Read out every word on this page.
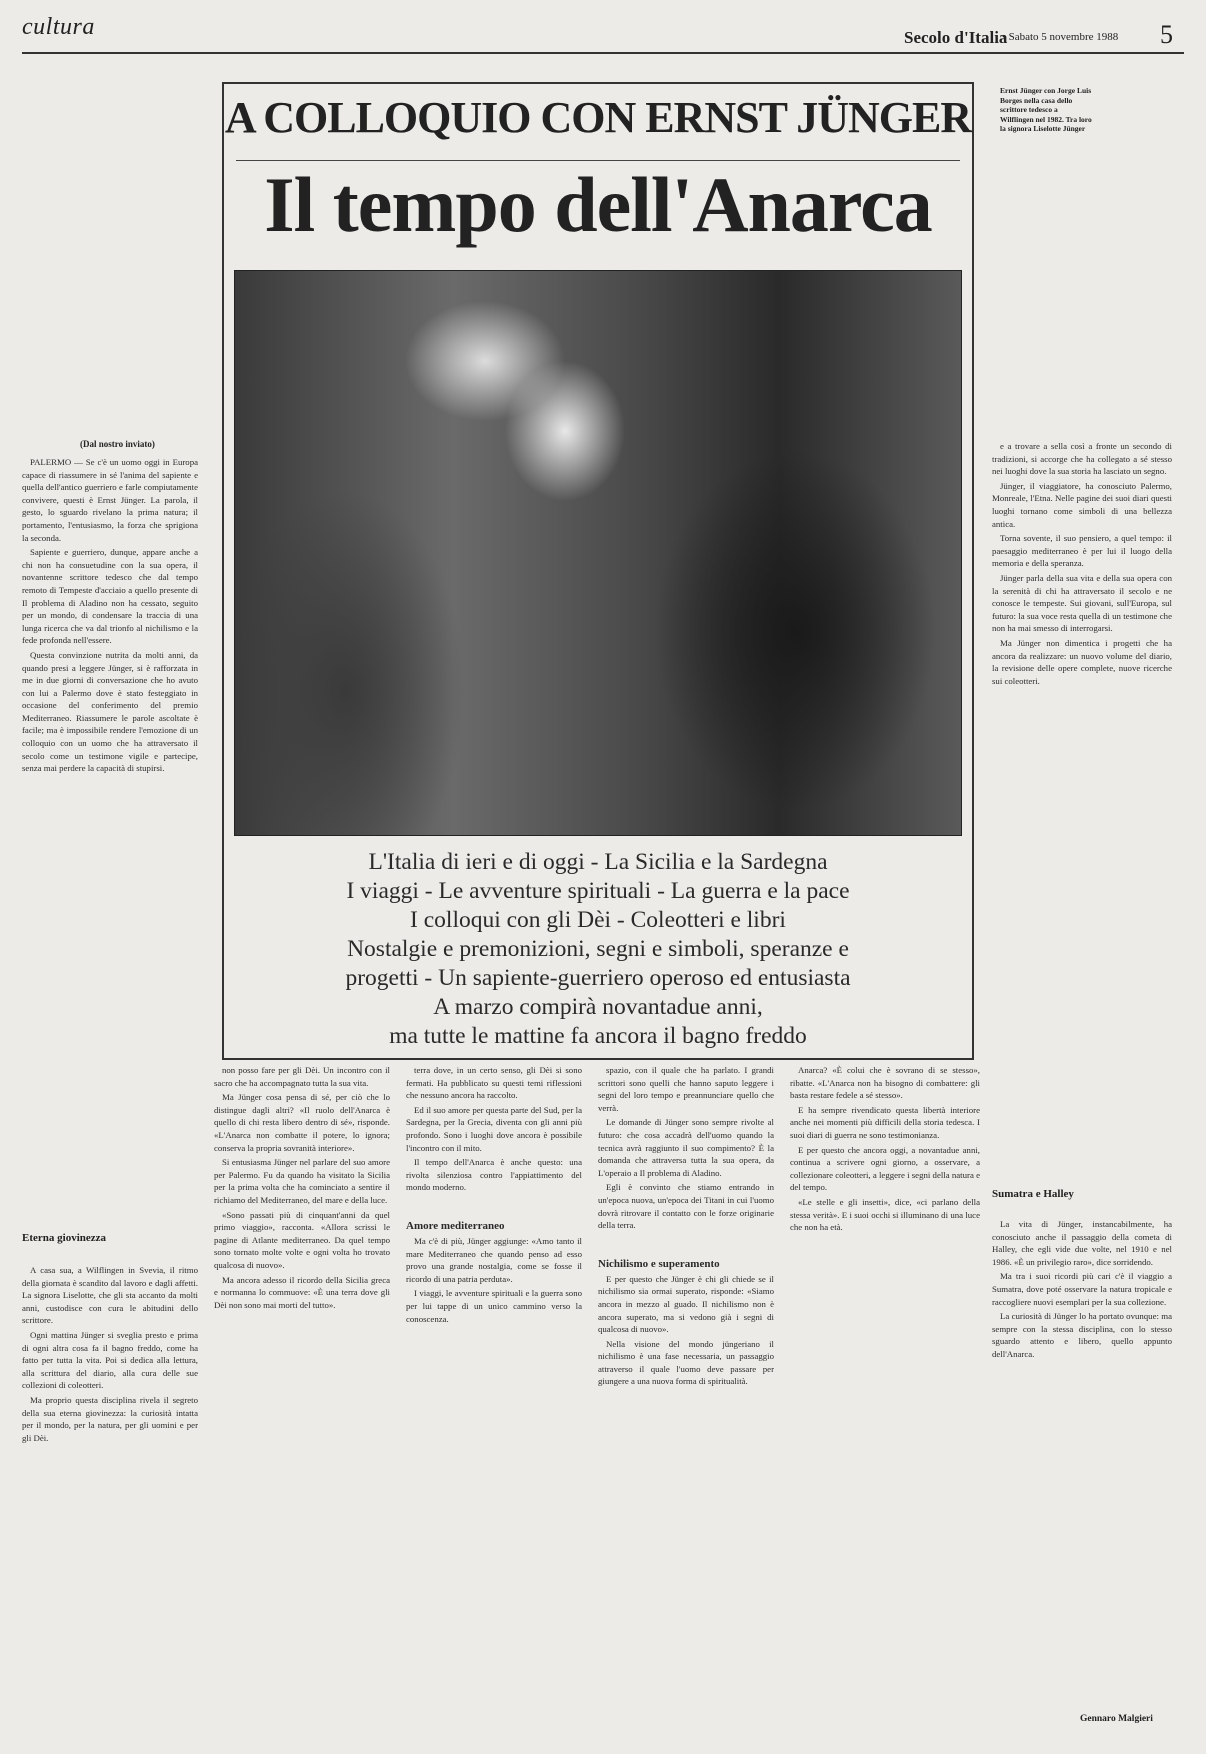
cultura	Secolo d'Italia
• Sabato 5 novembre 1988 5
A COLLOQUIO CON ERNST JÜNGER
Il tempo dell'Anarca
L'Italia di ieri e di oggi - La Sicilia e la Sardegna
I viaggi - Le avventure spirituali - La guerra e la pace
I colloqui con gli Dèi - Coleotteri e libri
Nostalgie e premonizioni, segni e simboli, speranze e
progetti - Un sapiente-guerriero operoso ed entusiasta
A marzo compirà novantadue anni,
ma tutte le mattine fa ancora il bagno freddo
Ernst Jünger con Jorge Luis Borges nella casa dello scrittore tedesco a Wilflingen nel 1982. Tra loro la signora Liselotte Jünger
(Dal nostro inviato)

PALERMO — Se c'è un uomo oggi in Europa capace di riassumere in sé l'anima del sapiente e quella dell'antico guerriero e farle compiutamente convivere, questi è Ernst Jünger. La parola, il gesto, lo sguardo rivelano la prima natura; il portamento, l'entusiasmo, la forza che sprigiona la seconda.

Sapiente e guerriero, dunque, appare anche a chi non ha consuetudine con la sua opera, il novantenne scrittore tedesco che dal tempo remoto di Tempeste d'acciaio a quello presente di Il problema di Aladino non ha cessato, seguito per un mondo, di condensare la traccia di una lunga ricerca che va dal trionfo al nichilismo e la fede profonda nell'essere.

Questa convinzione nutrita da molti anni, da quando presi a leggere Jünger, si è rafforzata in me in due giorni di conversazione che ho avuto con lui a Palermo dove è stato festeggiato in occasione del conferimento del premio Mediterraneo. Riassumere le parole ascoltate è facile; ma è impossibile rendere l'emozione di un colloquio con un uomo che ha attraversato il secolo come un testimone vigile e partecipe, senza mai perdere la capacità di stupirsi.

Eterna giovinezza

A casa sua, a Wilflingen in Svevia, il ritmo della giornata è scandito dal lavoro e dagli affetti. La signora Liselotte, che gli sta accanto da molti anni, custodisce con cura le abitudini dello scrittore.

Ogni mattina Jünger si sveglia presto e prima di ogni altra cosa fa il bagno freddo, come ha fatto per tutta la vita. Poi si dedica alla lettura, alla scrittura del diario, alla cura delle sue collezioni di coleotteri.

Ma proprio questa disciplina rivela il segreto della sua eterna giovinezza: la curiosità intatta per il mondo, per la natura, per gli uomini e per gli Dèi.

non posso fare per gli Dèi. Un incontro con il sacro che ha accompagnato tutta la sua vita.

Ma Jünger cosa pensa di sé, per ciò che lo distingue dagli altri? «Il ruolo dell'Anarca è quello di chi resta libero dentro di sé», risponde. «L'Anarca non combatte il potere, lo ignora; conserva la propria sovranità interiore».

Si entusiasma Jünger nel parlare del suo amore per Palermo. Fu da quando ha visitato la Sicilia per la prima volta che ha cominciato a sentire il richiamo del Mediterraneo, del mare e della luce.

«Sono passati più di cinquant'anni da quel primo viaggio», racconta. «Allora scrissi le pagine di Atlante mediterraneo. Da quel tempo sono tornato molte volte e ogni volta ho trovato qualcosa di nuovo».

Ma ancora adesso il ricordo della Sicilia greca e normanna lo commuove: «È una terra dove gli Dèi non sono mai morti del tutto».

terra dove, in un certo senso, gli Dèi si sono fermati. Ha pubblicato su questi temi riflessioni che nessuno ancora ha raccolto.

Ed il suo amore per questa parte del Sud, per la Sardegna, per la Grecia, diventa con gli anni più profondo. Sono i luoghi dove ancora è possibile l'incontro con il mito.

Il tempo dell'Anarca è anche questo: una rivolta silenziosa contro l'appiattimento del mondo moderno.

Amore mediterraneo

Ma c'è di più, Jünger aggiunge: «Amo tanto il mare Mediterraneo che quando penso ad esso provo una grande nostalgia, come se fosse il ricordo di una patria perduta».

I viaggi, le avventure spirituali e la guerra sono per lui tappe di un unico cammino verso la conoscenza.

spazio, con il quale che ha parlato. I grandi scrittori sono quelli che hanno saputo leggere i segni del loro tempo e preannunciare quello che verrà.

Le domande di Jünger sono sempre rivolte al futuro: che cosa accadrà dell'uomo quando la tecnica avrà raggiunto il suo compimento? È la domanda che attraversa tutta la sua opera, da L'operaio a Il problema di Aladino.

Egli è convinto che stiamo entrando in un'epoca nuova, un'epoca dei Titani in cui l'uomo dovrà ritrovare il contatto con le forze originarie della terra.

Nichilismo e superamento

E per questo che Jünger è chi gli chiede se il nichilismo sia ormai superato, risponde: «Siamo ancora in mezzo al guado. Il nichilismo non è ancora superato, ma si vedono già i segni di qualcosa di nuovo».

Nella visione del mondo jüngeriano il nichilismo è una fase necessaria, un passaggio attraverso il quale l'uomo deve passare per giungere a una nuova forma di spiritualità.

Anarca? «È colui che è sovrano di se stesso», ribatte. «L'Anarca non ha bisogno di combattere: gli basta restare fedele a sé stesso».

E ha sempre rivendicato questa libertà interiore anche nei momenti più difficili della storia tedesca. I suoi diari di guerra ne sono testimonianza.

E per questo che ancora oggi, a novantadue anni, continua a scrivere ogni giorno, a osservare, a collezionare coleotteri, a leggere i segni della natura e del tempo.

«Le stelle e gli insetti», dice, «ci parlano della stessa verità». E i suoi occhi si illuminano di una luce che non ha età.

e a trovare a sella così a fronte un secondo di tradizioni, si accorge che ha collegato a sé stesso nei luoghi dove la sua storia ha lasciato un segno.

Jünger, il viaggiatore, ha conosciuto Palermo, Monreale, l'Etna. Nelle pagine dei suoi diari questi luoghi tornano come simboli di una bellezza antica.

Torna sovente, il suo pensiero, a quel tempo: il paesaggio mediterraneo è per lui il luogo della memoria e della speranza.

Jünger parla della sua vita e della sua opera con la serenità di chi ha attraversato il secolo e ne conosce le tempeste. Sui giovani, sull'Europa, sul futuro: la sua voce resta quella di un testimone che non ha mai smesso di interrogarsi.

Ma Jünger non dimentica i progetti che ha ancora da realizzare: un nuovo volume del diario, la revisione delle opere complete, nuove ricerche sui coleotteri.

Sumatra e Halley

La vita di Jünger, instancabilmente, ha conosciuto anche il passaggio della cometa di Halley, che egli vide due volte, nel 1910 e nel 1986. «È un privilegio raro», dice sorridendo.

Ma tra i suoi ricordi più cari c'è il viaggio a Sumatra, dove poté osservare la natura tropicale e raccogliere nuovi esemplari per la sua collezione.

La curiosità di Jünger lo ha portato ovunque: ma sempre con la stessa disciplina, con lo stesso sguardo attento e libero, quello appunto dell'Anarca.

Gennaro Malgieri
